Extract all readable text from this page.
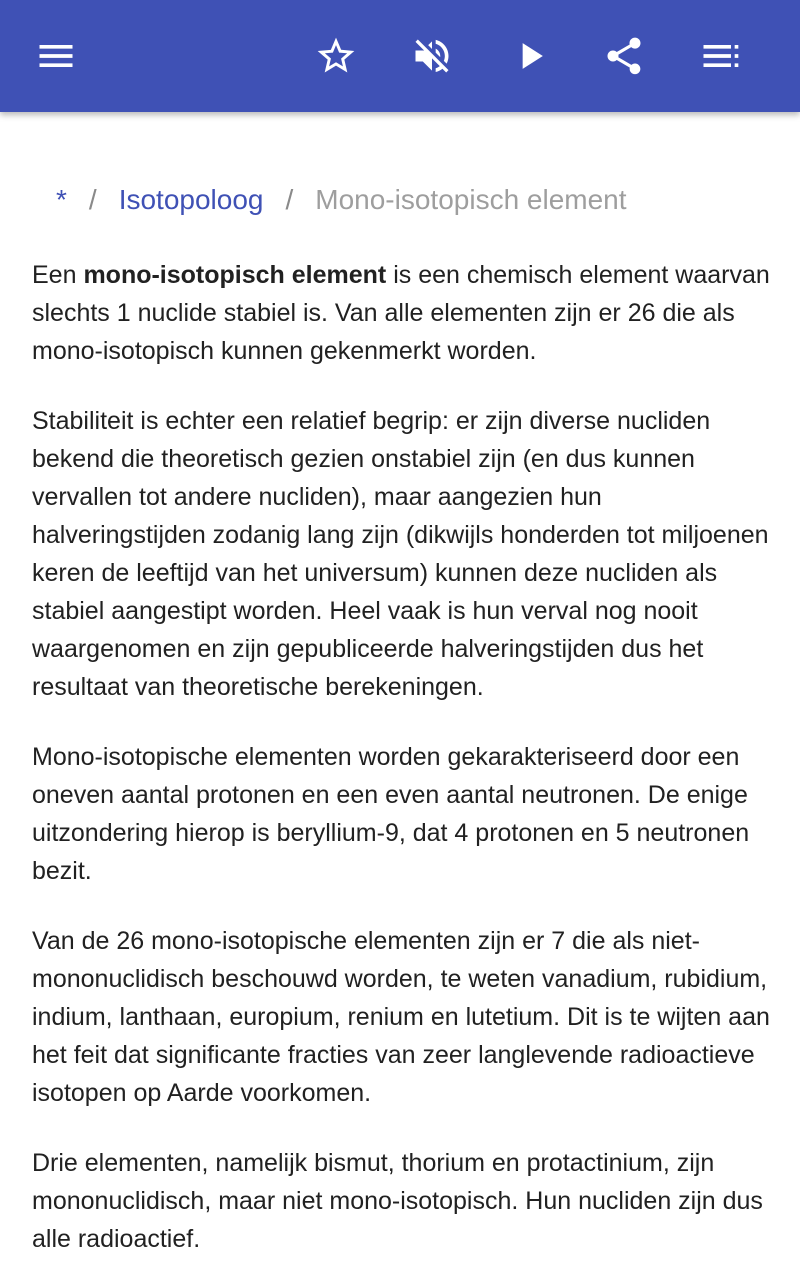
* / Isotopoloog / Mono-isotopisch element

Een mono-isotopisch element is een chemisch element waarvan slechts 1 nuclide stabiel is. Van alle elementen zijn er 26 die als mono-isotopisch kunnen gekenmerkt worden.

Stabiliteit is echter een relatief begrip: er zijn diverse nucliden bekend die theoretisch gezien onstabiel zijn (en dus kunnen vervallen tot andere nucliden), maar aangezien hun halveringstijden zodanig lang zijn (dikwijls honderden tot miljoenen keren de leeftijd van het universum) kunnen deze nucliden als stabiel aangestipt worden. Heel vaak is hun verval nog nooit waargenomen en zijn gepubliceerde halveringstijden dus het resultaat van theoretische berekeningen.

Mono-isotopische elementen worden gekarakteriseerd door een oneven aantal protonen en een even aantal neutronen. De enige uitzondering hierop is beryllium-9, dat 4 protonen en 5 neutronen bezit.

Van de 26 mono-isotopische elementen zijn er 7 die als niet-mononuclidisch beschouwd worden, te weten vanadium, rubidium, indium, lanthaan, europium, renium en lutetium. Dit is te wijten aan het feit dat significante fracties van zeer langlevende radioactieve isotopen op Aarde voorkomen.

Drie elementen, namelijk bismut, thorium en protactinium, zijn mononuclidisch, maar niet mono-isotopisch. Hun nucliden zijn dus alle radioactief.
